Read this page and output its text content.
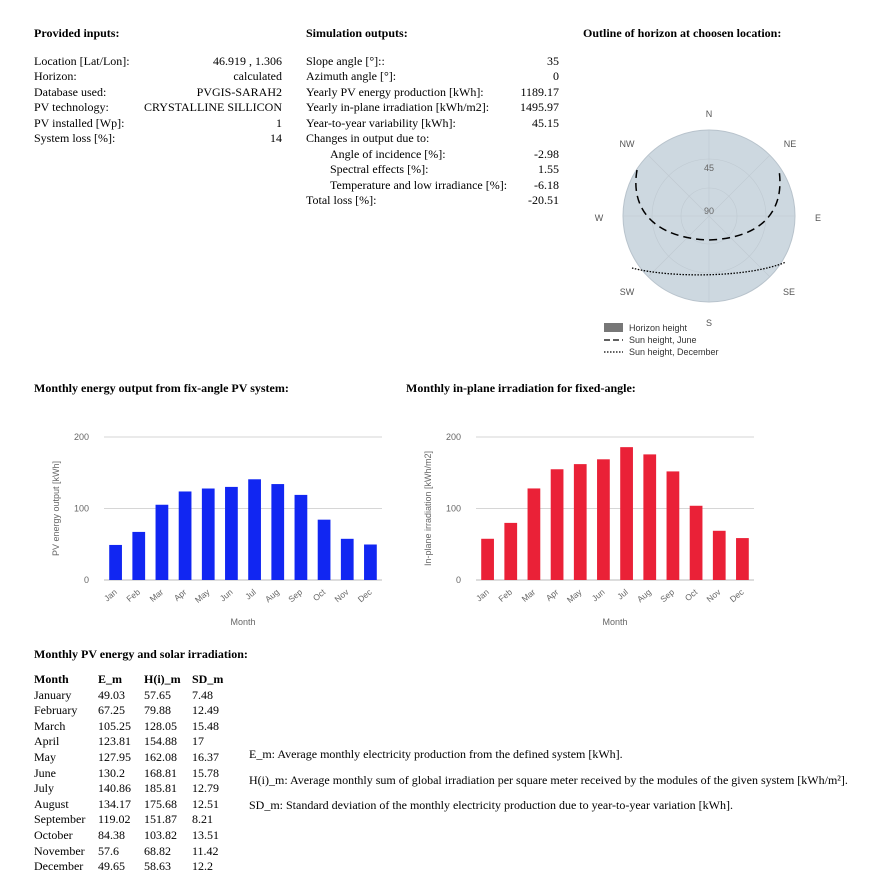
Provided inputs:
Location [Lat/Lon]:	46.919 , 1.306
Horizon:	calculated
Database used:	PVGIS-SARAH2
PV technology:	CRYSTALLINE SILLICON
PV installed [Wp]:	1
System loss [%]:	14
Simulation outputs:
Slope angle [°]::	35
Azimuth angle [°]:	0
Yearly PV energy production [kWh]:	1189.17
Yearly in-plane irradiation [kWh/m2]:	1495.97
Year-to-year variability [kWh]:	45.15
Changes in output due to:
Angle of incidence [%]:	-2.98
Spectral effects [%]:	1.55
Temperature and low irradiance [%]:	-6.18
Total loss [%]:	-20.51
Outline of horizon at choosen location:
N
NE
E
SE
S
SW
W
NW
45
90
Horizon height
Sun height, June
Sun height, December
Monthly energy output from fix-angle PV system:	Monthly in-plane irradiation for fixed-angle:
0
100
200
Jan Feb Mar Apr May Jun Jul Aug Sep Oct Nov Dec
Month
PV energy output [kWh]
0
100
200
Jan Feb Mar Apr May Jun Jul Aug Sep Oct Nov Dec
Month
In-plane irradiation [kWh/m2]
Monthly PV energy and solar irradiation:
Month	E_m	H(i)_m	SD_m
January	49.03	57.65	7.48
February	67.25	79.88	12.49
March	105.25	128.05	15.48
April	123.81	154.88	17
May	127.95	162.08	16.37
June	130.2	168.81	15.78
July	140.86	185.81	12.79
August	134.17	175.68	12.51
September	119.02	151.87	8.21
October	84.38	103.82	13.51
November	57.6	68.82	11.42
December	49.65	58.63	12.2
E_m: Average monthly electricity production from the defined system [kWh].
H(i)_m: Average monthly sum of global irradiation per square meter received by the modules of the given system [kWh/m²].
SD_m: Standard deviation of the monthly electricity production due to year-to-year variation [kWh].
